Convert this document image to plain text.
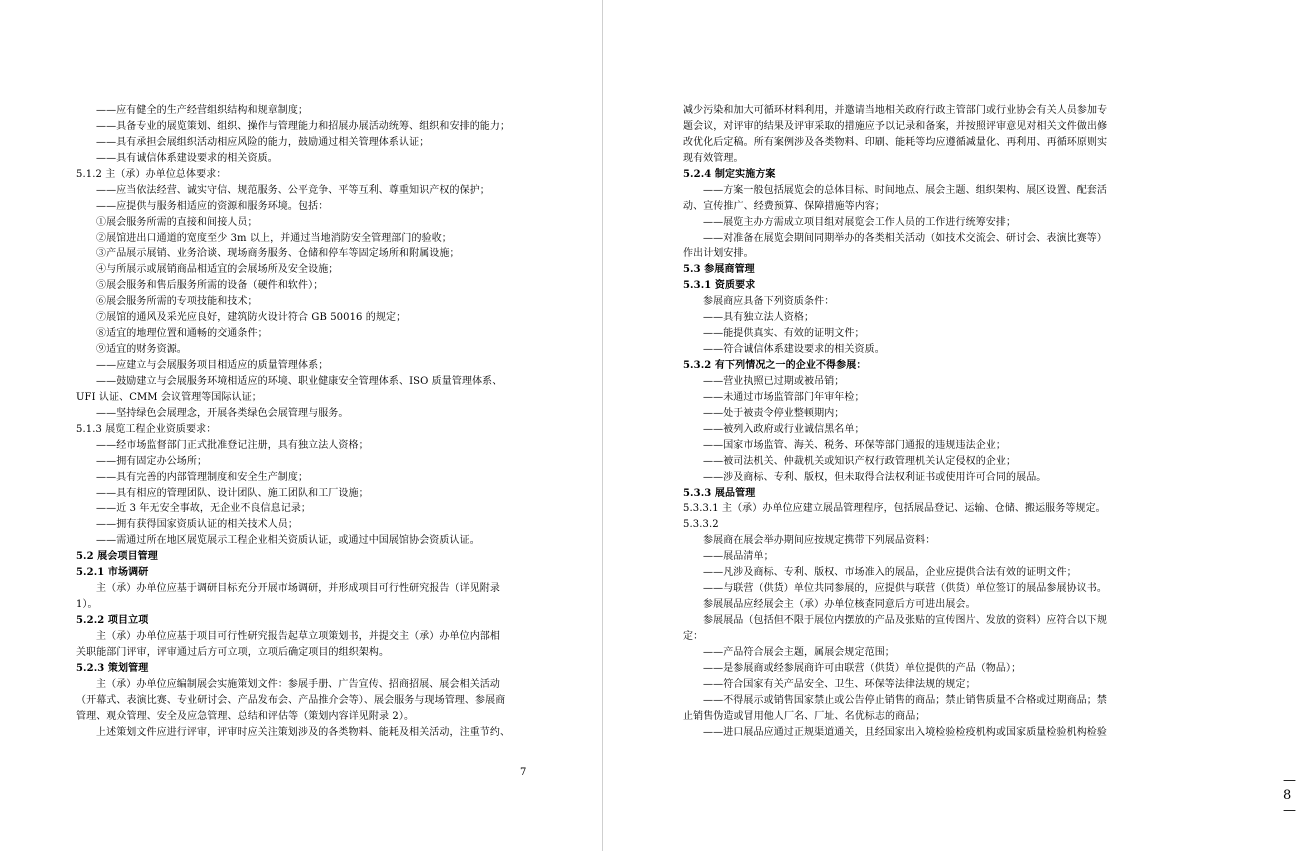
——应有健全的生产经营组织结构和规章制度；
——具备专业的展览策划、组织、操作与管理能力和招展办展活动统筹、组织和安排的能力；
——具有承担会展组织活动相应风险的能力，鼓励通过相关管理体系认证；
——具有诚信体系建设要求的相关资质。
5.1.2 主（承）办单位总体要求：
——应当依法经营、诚实守信、规范服务、公平竞争、平等互利、尊重知识产权的保护；
——应提供与服务相适应的资源和服务环境。包括：
①展会服务所需的直接和间接人员；
②展馆进出口通道的宽度至少 3m 以上，并通过当地消防安全管理部门的验收；
③产品展示展销、业务洽谈、现场商务服务、仓储和停车等固定场所和附属设施；
④与所展示或展销商品相适宜的会展场所及安全设施；
⑤展会服务和售后服务所需的设备（硬件和软件）；
⑥展会服务所需的专项技能和技术；
⑦展馆的通风及采光应良好，建筑防火设计符合 GB 50016 的规定；
⑧适宜的地理位置和通畅的交通条件；
⑨适宜的财务资源。
——应建立与会展服务项目相适应的质量管理体系；
——鼓励建立与会展服务环境相适应的环境、职业健康安全管理体系、ISO 质量管理体系、
UFI 认证、CMM 会议管理等国际认证；
——坚持绿色会展理念，开展各类绿色会展管理与服务。
5.1.3 展览工程企业资质要求：
——经市场监督部门正式批准登记注册，具有独立法人资格；
——拥有固定办公场所；
——具有完善的内部管理制度和安全生产制度；
——具有相应的管理团队、设计团队、施工团队和工厂设施；
——近 3 年无安全事故，无企业不良信息记录；
——拥有获得国家资质认证的相关技术人员；
——需通过所在地区展览展示工程企业相关资质认证，或通过中国展馆协会资质认证。
5.2 展会项目管理
5.2.1 市场调研
主（承）办单位应基于调研目标充分开展市场调研，并形成项目可行性研究报告（详见附录
1）。
5.2.2 项目立项
主（承）办单位应基于项目可行性研究报告起草立项策划书，并提交主（承）办单位内部相
关职能部门评审，评审通过后方可立项，立项后确定项目的组织架构。
5.2.3 策划管理
主（承）办单位应编制展会实施策划文件：参展手册、广告宣传、招商招展、展会相关活动
（开幕式、表演比赛、专业研讨会、产品发布会、产品推介会等）、展会服务与现场管理、参展商
管理、观众管理、安全及应急管理、总结和评估等（策划内容详见附录 2）。
上述策划文件应进行评审，评审时应关注策划涉及的各类物料、能耗及相关活动，注重节约、
7
减少污染和加大可循环材料利用，并邀请当地相关政府行政主管部门或行业协会有关人员参加专
题会议，对评审的结果及评审采取的措施应予以记录和备案，并按照评审意见对相关文件做出修
改优化后定稿。所有案例涉及各类物料、印刷、能耗等均应遵循减量化、再利用、再循环原则实
现有效管理。
5.2.4 制定实施方案
——方案一般包括展览会的总体目标、时间地点、展会主题、组织架构、展区设置、配套活
动、宣传推广、经费预算、保障措施等内容；
——展览主办方需成立项目组对展览会工作人员的工作进行统筹安排；
——对准备在展览会期间同期举办的各类相关活动（如技术交流会、研讨会、表演比赛等）
作出计划安排。
5.3 参展商管理
5.3.1 资质要求
参展商应具备下列资质条件：
——具有独立法人资格；
——能提供真实、有效的证明文件；
——符合诚信体系建设要求的相关资质。
5.3.2 有下列情况之一的企业不得参展：
——营业执照已过期或被吊销；
——未通过市场监管部门年审年检；
——处于被责令停业整顿期内；
——被列入政府或行业诚信黑名单；
——国家市场监管、海关、税务、环保等部门通报的违规违法企业；
——被司法机关、仲裁机关或知识产权行政管理机关认定侵权的企业；
——涉及商标、专利、版权，但未取得合法权利证书或使用许可合同的展品。
5.3.3 展品管理
5.3.3.1 主（承）办单位应建立展品管理程序，包括展品登记、运输、仓储、搬运服务等规定。
5.3.3.2
参展商在展会举办期间应按规定携带下列展品资料：
——展品清单；
——凡涉及商标、专利、版权、市场准入的展品，企业应提供合法有效的证明文件；
——与联营（供货）单位共同参展的，应提供与联营（供货）单位签订的展品参展协议书。
参展展品应经展会主（承）办单位核查同意后方可进出展会。
参展展品（包括但不限于展位内摆放的产品及张贴的宣传图片、发放的资料）应符合以下规
定：
——产品符合展会主题，属展会规定范围；
——是参展商或经参展商许可由联营（供货）单位提供的产品（物品）；
——符合国家有关产品安全、卫生、环保等法律法规的规定；
——不得展示或销售国家禁止或公告停止销售的商品；禁止销售质量不合格或过期商品；禁
止销售伪造或冒用他人厂名、厂址、名优标志的商品；
——进口展品应通过正规渠道通关，且经国家出入境检验检疫机构或国家质量检验机构检验
— 8 —
